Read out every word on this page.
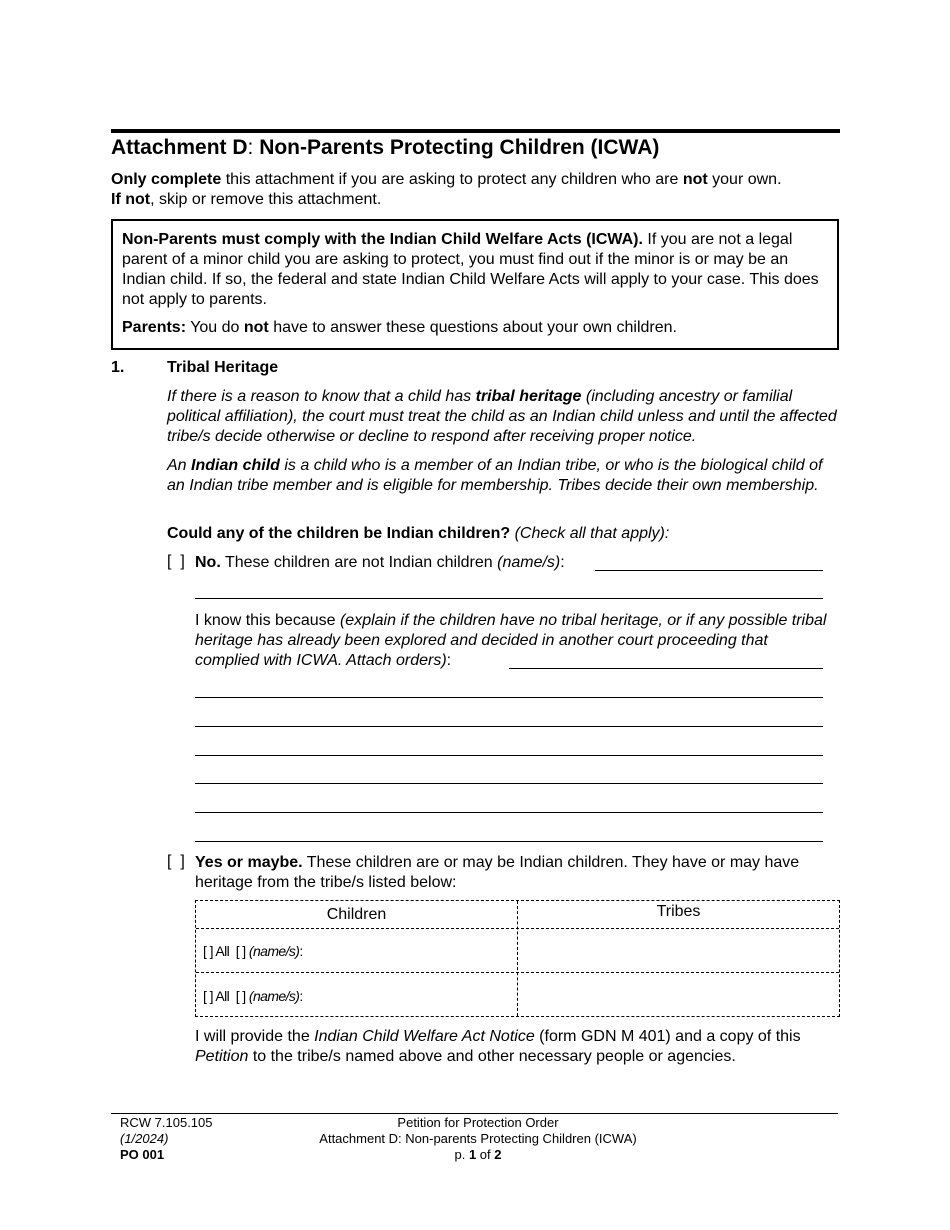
Attachment D: Non-Parents Protecting Children (ICWA)
Only complete this attachment if you are asking to protect any children who are not your own.
If not, skip or remove this attachment.

Non-Parents must comply with the Indian Child Welfare Acts (ICWA). If you are not a legal parent of a minor child you are asking to protect, you must find out if the minor is or may be an Indian child. If so, the federal and state Indian Child Welfare Acts will apply to your case. This does not apply to parents.

Parents: You do not have to answer these questions about your own children.

1.	Tribal Heritage
If there is a reason to know that a child has tribal heritage (including ancestry or familial political affiliation), the court must treat the child as an Indian child unless and until the affected tribe/s decide otherwise or decline to respond after receiving proper notice.
An Indian child is a child who is a member of an Indian tribe, or who is the biological child of an Indian tribe member and is eligible for membership. Tribes decide their own membership.
Could any of the children be Indian children? (Check all that apply):
[  ] No. These children are not Indian children (name/s):
I know this because (explain if the children have no tribal heritage, or if any possible tribal heritage has already been explored and decided in another court proceeding that complied with ICWA. Attach orders):
[  ] Yes or maybe. These children are or may be Indian children. They have or may have heritage from the tribe/s listed below:
Children	Tribes
[ ] All  [ ] (name/s):
[ ] All  [ ] (name/s):
I will provide the Indian Child Welfare Act Notice (form GDN M 401) and a copy of this Petition to the tribe/s named above and other necessary people or agencies.
RCW 7.105.105
(1/2024)
PO 001
Petition for Protection Order
Attachment D: Non-parents Protecting Children (ICWA)
p. 1 of 2
